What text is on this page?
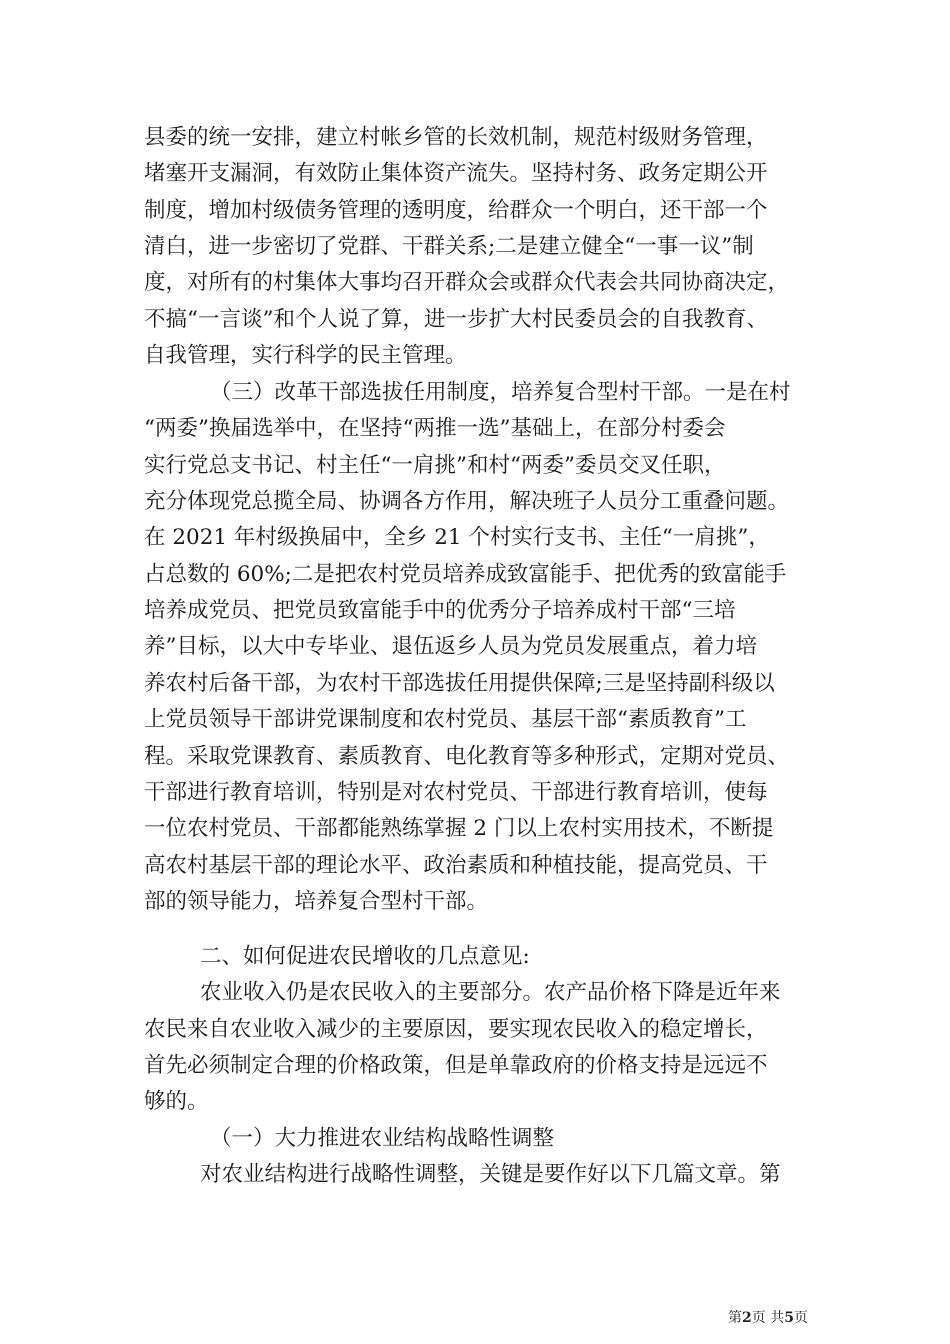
县委的统一安排，建立村帐乡管的长效机制，规范村级财务管理，
堵塞开支漏洞，有效防止集体资产流失。坚持村务、政务定期公开
制度，增加村级债务管理的透明度，给群众一个明白，还干部一个
清白，进一步密切了党群、干群关系;二是建立健全“一事一议”制
度，对所有的村集体大事均召开群众会或群众代表会共同协商决定，
不搞“一言谈”和个人说了算，进一步扩大村民委员会的自我教育、
自我管理，实行科学的民主管理。
（三）改革干部选拔任用制度，培养复合型村干部。一是在村
“两委”换届选举中，在坚持“两推一选”基础上，在部分村委会
实行党总支书记、村主任“一肩挑”和村“两委”委员交叉任职，
充分体现党总揽全局、协调各方作用，解决班子人员分工重叠问题。
在 2021 年村级换届中，全乡 21 个村实行支书、主任“一肩挑”，
占总数的 60%;二是把农村党员培养成致富能手、把优秀的致富能手
培养成党员、把党员致富能手中的优秀分子培养成村干部“三培
养”目标，以大中专毕业、退伍返乡人员为党员发展重点，着力培
养农村后备干部，为农村干部选拔任用提供保障;三是坚持副科级以
上党员领导干部讲党课制度和农村党员、基层干部“素质教育”工
程。采取党课教育、素质教育、电化教育等多种形式，定期对党员、
干部进行教育培训，特别是对农村党员、干部进行教育培训，使每
一位农村党员、干部都能熟练掌握 2 门以上农村实用技术，不断提
高农村基层干部的理论水平、政治素质和种植技能，提高党员、干
部的领导能力，培养复合型村干部。
二、如何促进农民增收的几点意见:
农业收入仍是农民收入的主要部分。农产品价格下降是近年来
农民来自农业收入减少的主要原因，要实现农民收入的稳定增长，
首先必须制定合理的价格政策，但是单靠政府的价格支持是远远不
够的。
（一）大力推进农业结构战略性调整
对农业结构进行战略性调整，关键是要作好以下几篇文章。第
第2页 共5页
